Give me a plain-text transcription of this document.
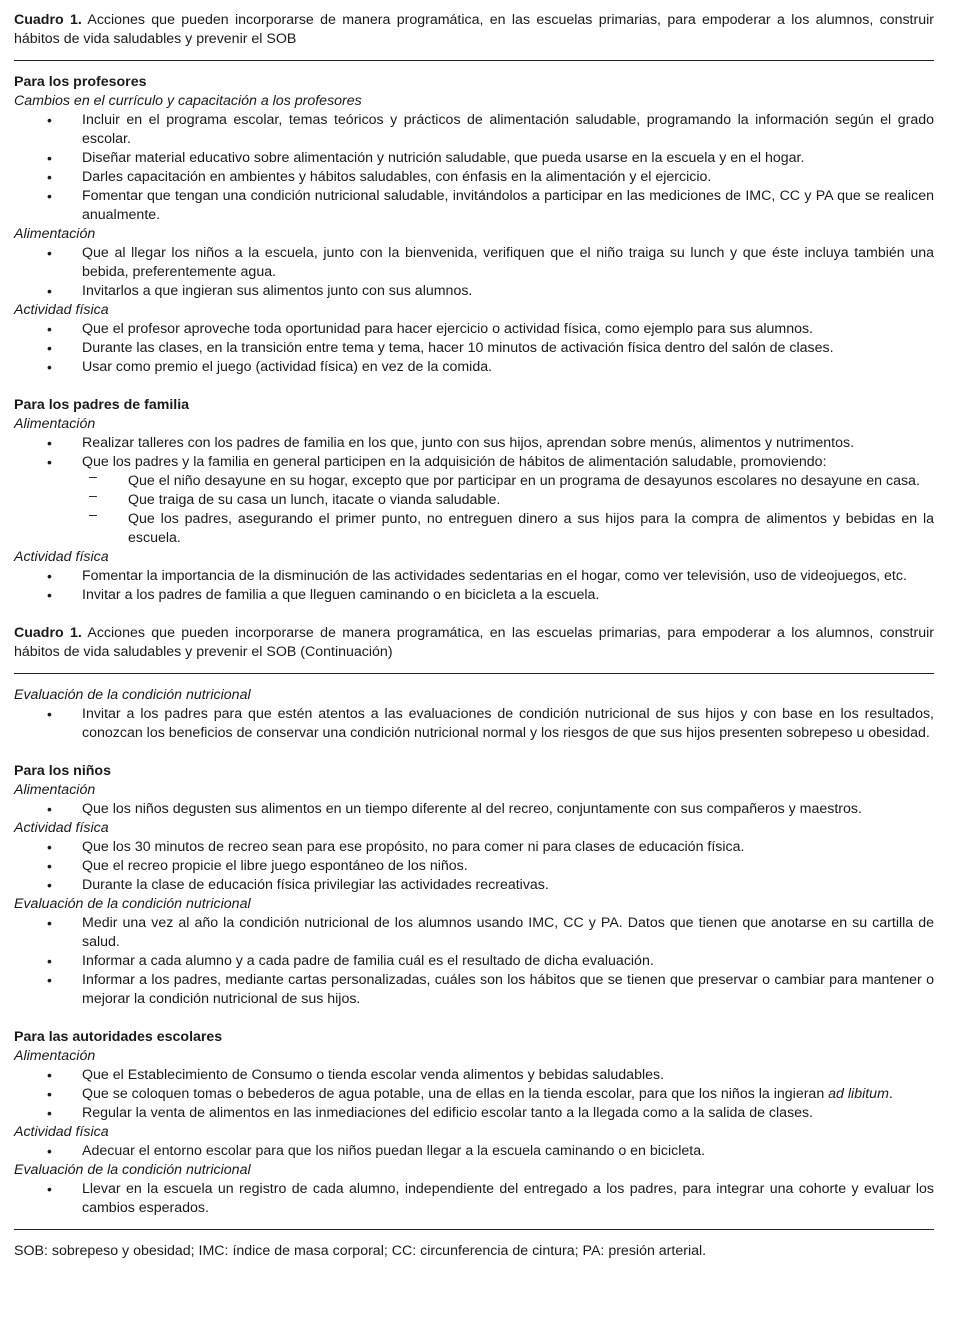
Cuadro 1. Acciones que pueden incorporarse de manera programática, en las escuelas primarias, para empoderar a los alumnos, construir hábitos de vida saludables y prevenir el SOB
Para los profesores
Cambios en el currículo y capacitación a los profesores
• Incluir en el programa escolar, temas teóricos y prácticos de alimentación saludable, programando la información según el grado escolar.
• Diseñar material educativo sobre alimentación y nutrición saludable, que pueda usarse en la escuela y en el hogar.
• Darles capacitación en ambientes y hábitos saludables, con énfasis en la alimentación y el ejercicio.
• Fomentar que tengan una condición nutricional saludable, invitándolos a participar en las mediciones de IMC, CC y PA que se realicen anualmente.
Alimentación
• Que al llegar los niños a la escuela, junto con la bienvenida, verifiquen que el niño traiga su lunch y que éste incluya también una bebida, preferentemente agua.
• Invitarlos a que ingieran sus alimentos junto con sus alumnos.
Actividad física
• Que el profesor aproveche toda oportunidad para hacer ejercicio o actividad física, como ejemplo para sus alumnos.
• Durante las clases, en la transición entre tema y tema, hacer 10 minutos de activación física dentro del salón de clases.
• Usar como premio el juego (actividad física) en vez de la comida.
Para los padres de familia
Alimentación
• Realizar talleres con los padres de familia en los que, junto con sus hijos, aprendan sobre menús, alimentos y nutrimentos.
• Que los padres y la familia en general participen en la adquisición de hábitos de alimentación saludable, promoviendo:
– Que el niño desayune en su hogar, excepto que por participar en un programa de desayunos escolares no desayune en casa.
– Que traiga de su casa un lunch, itacate o vianda saludable.
– Que los padres, asegurando el primer punto, no entreguen dinero a sus hijos para la compra de alimentos y bebidas en la escuela.
Actividad física
• Fomentar la importancia de la disminución de las actividades sedentarias en el hogar, como ver televisión, uso de videojuegos, etc.
• Invitar a los padres de familia a que lleguen caminando o en bicicleta a la escuela.
Cuadro 1. Acciones que pueden incorporarse de manera programática, en las escuelas primarias, para empoderar a los alumnos, construir hábitos de vida saludables y prevenir el SOB (Continuación)
Evaluación de la condición nutricional
• Invitar a los padres para que estén atentos a las evaluaciones de condición nutricional de sus hijos y con base en los resultados, conozcan los beneficios de conservar una condición nutricional normal y los riesgos de que sus hijos presenten sobrepeso u obesidad.
Para los niños
Alimentación
• Que los niños degusten sus alimentos en un tiempo diferente al del recreo, conjuntamente con sus compañeros y maestros.
Actividad física
• Que los 30 minutos de recreo sean para ese propósito, no para comer ni para clases de educación física.
• Que el recreo propicie el libre juego espontáneo de los niños.
• Durante la clase de educación física privilegiar las actividades recreativas.
Evaluación de la condición nutricional
• Medir una vez al año la condición nutricional de los alumnos usando IMC, CC y PA. Datos que tienen que anotarse en su cartilla de salud.
• Informar a cada alumno y a cada padre de familia cuál es el resultado de dicha evaluación.
• Informar a los padres, mediante cartas personalizadas, cuáles son los hábitos que se tienen que preservar o cambiar para mantener o mejorar la condición nutricional de sus hijos.
Para las autoridades escolares
Alimentación
• Que el Establecimiento de Consumo o tienda escolar venda alimentos y bebidas saludables.
• Que se coloquen tomas o bebederos de agua potable, una de ellas en la tienda escolar, para que los niños la ingieran ad libitum.
• Regular la venta de alimentos en las inmediaciones del edificio escolar tanto a la llegada como a la salida de clases.
Actividad física
• Adecuar el entorno escolar para que los niños puedan llegar a la escuela caminando o en bicicleta.
Evaluación de la condición nutricional
• Llevar en la escuela un registro de cada alumno, independiente del entregado a los padres, para integrar una cohorte y evaluar los cambios esperados.
SOB: sobrepeso y obesidad; IMC: índice de masa corporal; CC: circunferencia de cintura; PA: presión arterial.
